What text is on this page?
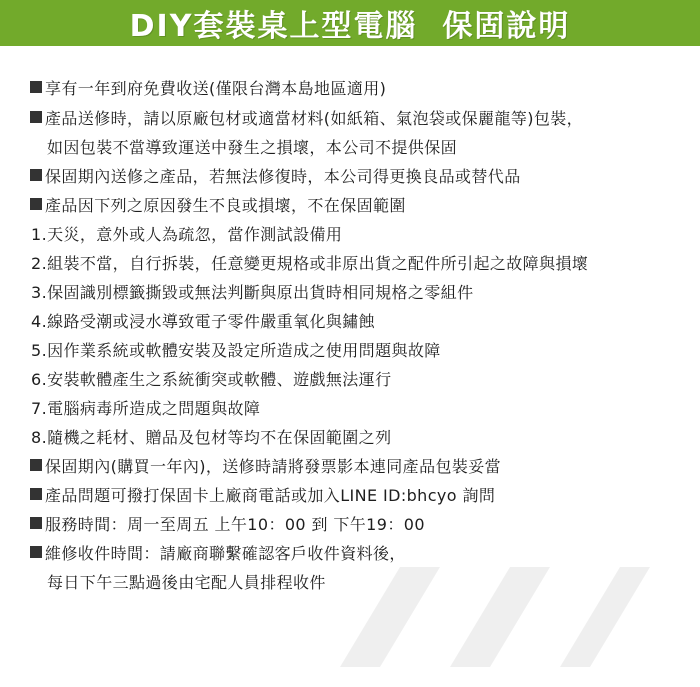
DIY套裝桌上型電腦  保固說明
享有一年到府免費收送(僅限台灣本島地區適用)
產品送修時，請以原廠包材或適當材料(如紙箱、氣泡袋或保麗龍等)包裝，
如因包裝不當導致運送中發生之損壞，本公司不提供保固
保固期內送修之產品，若無法修復時，本公司得更換良品或替代品
產品因下列之原因發生不良或損壞，不在保固範圍
1.天災，意外或人為疏忽，當作測試設備用
2.組裝不當，自行拆裝，任意變更規格或非原出貨之配件所引起之故障與損壞
3.保固識別標籤撕毀或無法判斷與原出貨時相同規格之零組件
4.線路受潮或浸水導致電子零件嚴重氧化與鏽蝕
5.因作業系統或軟體安裝及設定所造成之使用問題與故障
6.安裝軟體產生之系統衝突或軟體、遊戲無法運行
7.電腦病毒所造成之問題與故障
8.隨機之耗材、贈品及包材等均不在保固範圍之列
保固期內(購買一年內)，送修時請將發票影本連同產品包裝妥當
產品問題可撥打保固卡上廠商電話或加入LINE ID:bhcyo 詢問
服務時間：周一至周五 上午10：00 到 下午19：00
維修收件時間：請廠商聯繫確認客戶收件資料後，
每日下午三點過後由宅配人員排程收件
